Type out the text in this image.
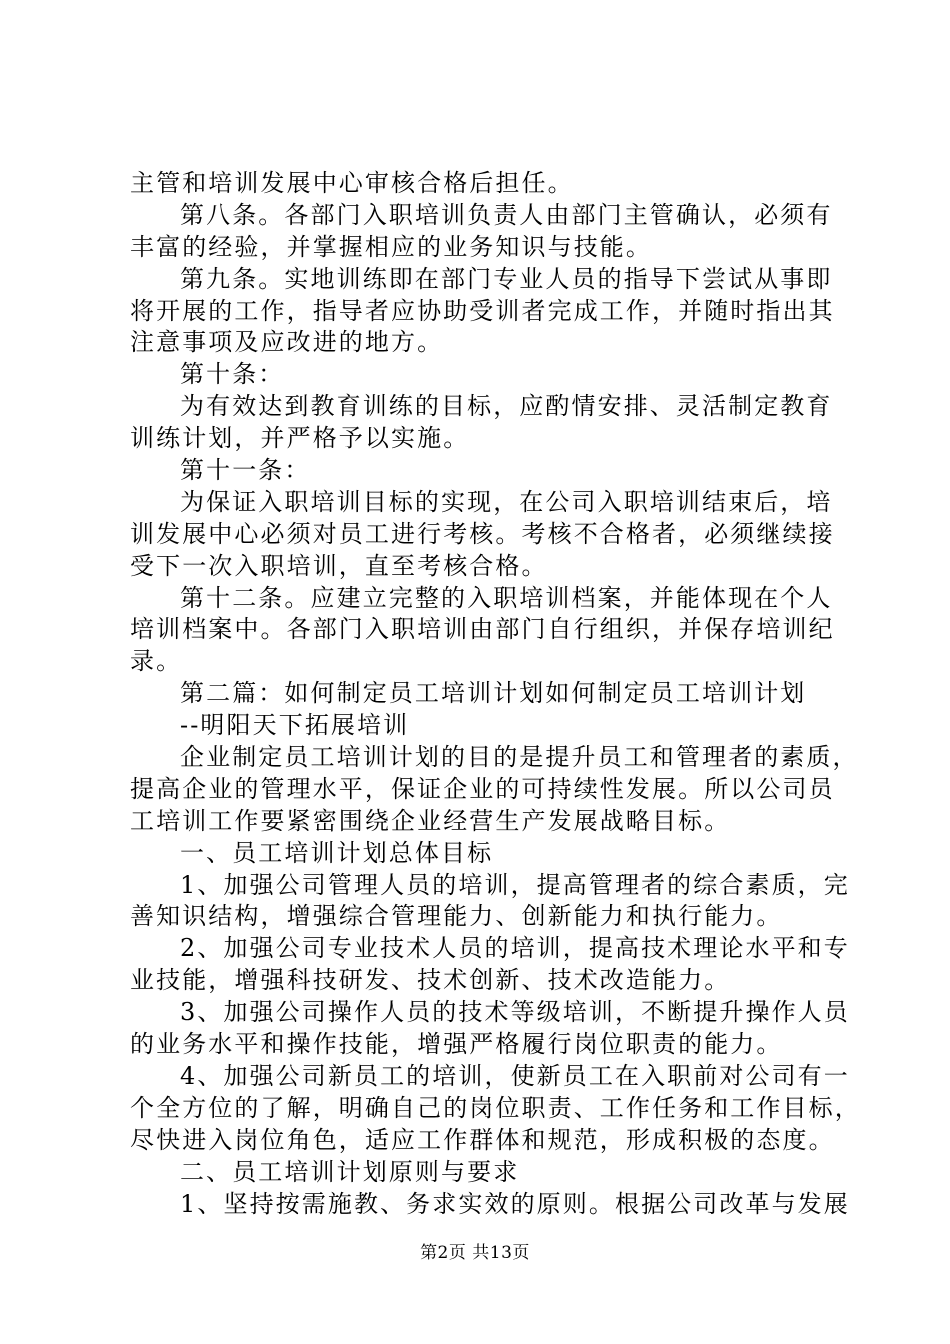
主管和培训发展中心审核合格后担任。
第八条。各部门入职培训负责人由部门主管确认，必须有
丰富的经验，并掌握相应的业务知识与技能。
第九条。实地训练即在部门专业人员的指导下尝试从事即
将开展的工作，指导者应协助受训者完成工作，并随时指出其
注意事项及应改进的地方。
第十条：
为有效达到教育训练的目标，应酌情安排、灵活制定教育
训练计划，并严格予以实施。
第十一条：
为保证入职培训目标的实现，在公司入职培训结束后，培
训发展中心必须对员工进行考核。考核不合格者，必须继续接
受下一次入职培训，直至考核合格。
第十二条。应建立完整的入职培训档案，并能体现在个人
培训档案中。各部门入职培训由部门自行组织，并保存培训纪
录。
第二篇：如何制定员工培训计划如何制定员工培训计划
--明阳天下拓展培训
企业制定员工培训计划的目的是提升员工和管理者的素质，
提高企业的管理水平，保证企业的可持续性发展。所以公司员
工培训工作要紧密围绕企业经营生产发展战略目标。
一、员工培训计划总体目标
1、加强公司管理人员的培训，提高管理者的综合素质，完
善知识结构，增强综合管理能力、创新能力和执行能力。
2、加强公司专业技术人员的培训，提高技术理论水平和专
业技能，增强科技研发、技术创新、技术改造能力。
3、加强公司操作人员的技术等级培训，不断提升操作人员
的业务水平和操作技能，增强严格履行岗位职责的能力。
4、加强公司新员工的培训，使新员工在入职前对公司有一
个全方位的了解，明确自己的岗位职责、工作任务和工作目标，
尽快进入岗位角色，适应工作群体和规范，形成积极的态度。
二、员工培训计划原则与要求
1、坚持按需施教、务求实效的原则。根据公司改革与发展
第2页 共13页
